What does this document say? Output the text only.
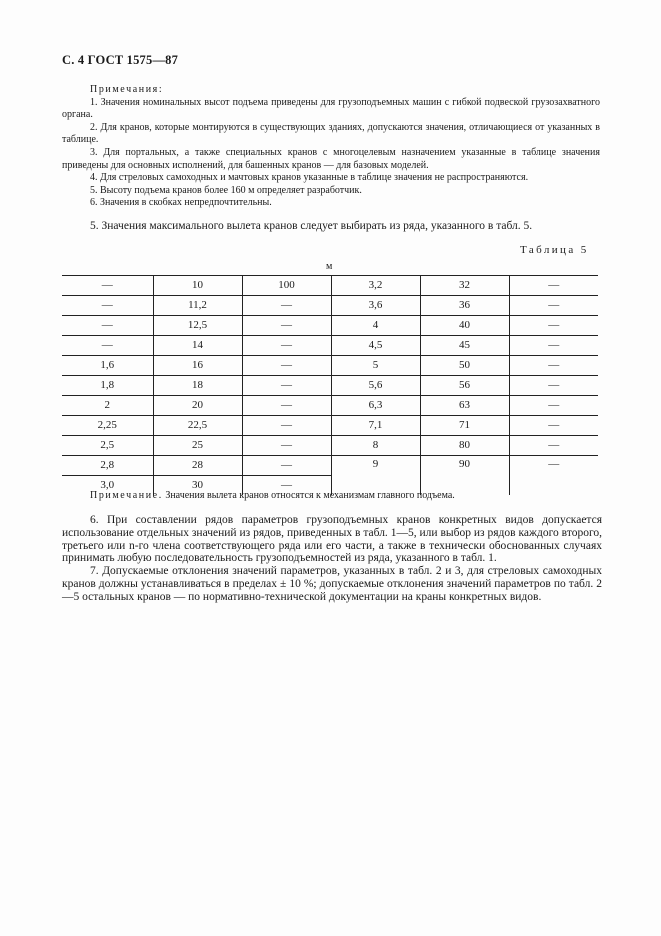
С. 4 ГОСТ 1575—87
Примечания:

1. Значения номинальных высот подъема приведены для грузоподъемных машин с гибкой подвеской грузозахватного органа.

2. Для кранов, которые монтируются в существующих зданиях, допускаются значения, отличающиеся от указанных в таблице.

3. Для портальных, а также специальных кранов с многоцелевым назначением указанные в таблице значения приведены для основных исполнений, для башенных кранов — для базовых моделей.

4. Для стреловых самоходных и мачтовых кранов указанные в таблице значения не распространяются.

5. Высоту подъема кранов более 160 м определяет разработчик.

6. Значения в скобках непредпочтительны.

5. Значения максимального вылета кранов следует выбирать из ряда, указанного в табл. 5.

Таблица 5
м
—	10	100	3,2	32	—
—	11,2	—	3,6	36	—
—	12,5	—	4	40	—
—	14	—	4,5	45	—
1,6	16	—	5	50	—
1,8	18	—	5,6	56	—
2	20	—	6,3	63	—
2,25	22,5	—	7,1	71	—
2,5	25	—	8	80	—
2,8	28	—	9	90	—
3,0	30	—			
Примечание. Значения вылета кранов относятся к механизмам главного подъема.

6. При составлении рядов параметров грузоподъемных кранов конкретных видов допускается использование отдельных значений из рядов, приведенных в табл. 1—5, или выбор из рядов каждого второго, третьего или n-го члена соответствующего ряда или его части, а также в технически обоснованных случаях принимать любую последовательность грузоподъемностей из ряда, указанного в табл. 1.

7. Допускаемые отклонения значений параметров, указанных в табл. 2 и 3, для стреловых самоходных кранов должны устанавливаться в пределах ± 10 %; допускаемые отклонения значений параметров по табл. 2—5 остальных кранов — по нормативно-технической документации на краны конкретных видов.
